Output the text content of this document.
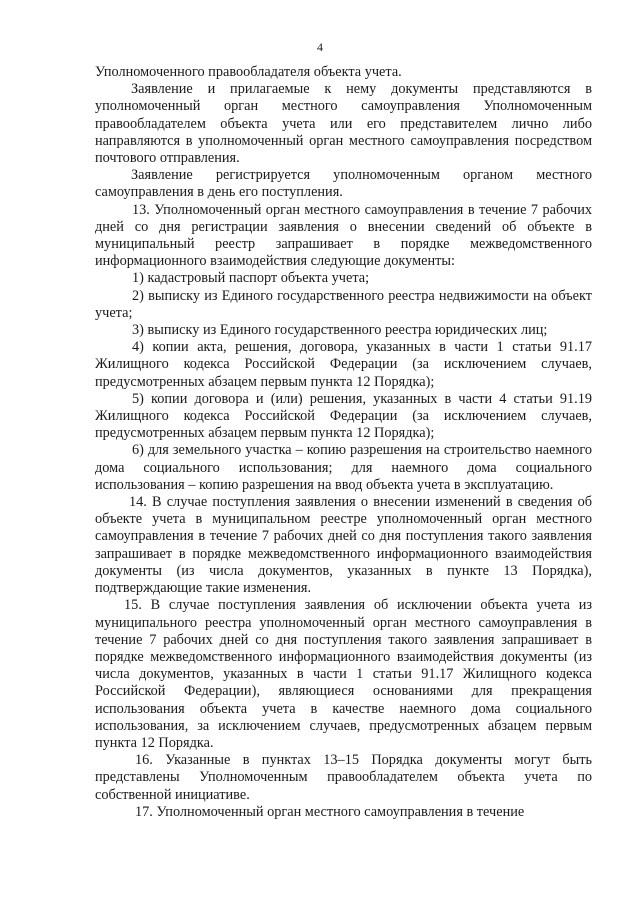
4

Уполномоченного правообладателя объекта учета.

Заявление и прилагаемые к нему документы представляются в уполномоченный орган местного самоуправления Уполномоченным правообладателем объекта учета или его представителем лично либо направляются в уполномоченный орган местного самоуправления посредством почтового отправления.

Заявление регистрируется уполномоченным органом местного самоуправления в день его поступления.

13. Уполномоченный орган местного самоуправления в течение 7 рабочих дней со дня регистрации заявления о внесении сведений об объекте в муниципальный реестр запрашивает в порядке межведомственного информационного взаимодействия следующие документы:

1) кадастровый паспорт объекта учета;

2) выписку из Единого государственного реестра недвижимости на объект учета;

3) выписку из Единого государственного реестра юридических лиц;

4) копии акта, решения, договора, указанных в части 1 статьи 91.17 Жилищного кодекса Российской Федерации (за исключением случаев, предусмотренных абзацем первым пункта 12 Порядка);

5) копии договора и (или) решения, указанных в части 4 статьи 91.19 Жилищного кодекса Российской Федерации (за исключением случаев, предусмотренных абзацем первым пункта 12 Порядка);

6) для земельного участка – копию разрешения на строительство наемного дома социального использования; для наемного дома социального использования – копию разрешения на ввод объекта учета в эксплуатацию.

14. В случае поступления заявления о внесении изменений в сведения об объекте учета в муниципальном реестре уполномоченный орган местного самоуправления в течение 7 рабочих дней со дня поступления такого заявления запрашивает в порядке межведомственного информационного взаимодействия документы (из числа документов, указанных в пункте 13 Порядка), подтверждающие такие изменения.

15. В случае поступления заявления об исключении объекта учета из муниципального реестра уполномоченный орган местного самоуправления в течение 7 рабочих дней со дня поступления такого заявления запрашивает в порядке межведомственного информационного взаимодействия документы (из числа документов, указанных в части 1 статьи 91.17 Жилищного кодекса Российской Федерации), являющиеся основаниями для прекращения использования объекта учета в качестве наемного дома социального использования, за исключением случаев, предусмотренных абзацем первым пункта 12 Порядка.

16. Указанные в пунктах 13–15 Порядка документы могут быть представлены Уполномоченным правообладателем объекта учета по собственной инициативе.

17. Уполномоченный орган местного самоуправления в течение
